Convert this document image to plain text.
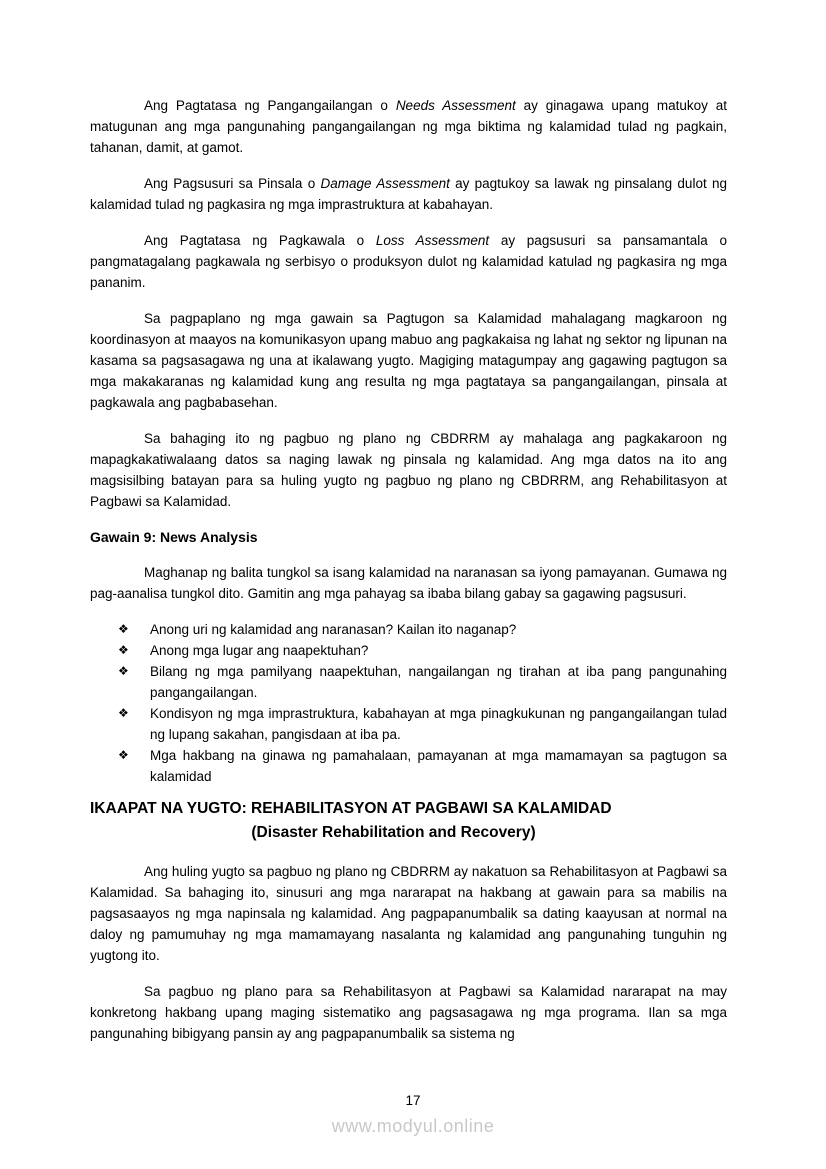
Ang Pagtatasa ng Pangangailangan o Needs Assessment ay ginagawa upang matukoy at matugunan ang mga pangunahing pangangailangan ng mga biktima ng kalamidad tulad ng pagkain, tahanan, damit, at gamot.

Ang Pagsusuri sa Pinsala o Damage Assessment ay pagtukoy sa lawak ng pinsalang dulot ng kalamidad tulad ng pagkasira ng mga imprastruktura at kabahayan.

Ang Pagtatasa ng Pagkawala o Loss Assessment ay pagsusuri sa pansamantala o pangmatagalang pagkawala ng serbisyo o produksyon dulot ng kalamidad katulad ng pagkasira ng mga pananim.

Sa pagpaplano ng mga gawain sa Pagtugon sa Kalamidad mahalagang magkaroon ng koordinasyon at maayos na komunikasyon upang mabuo ang pagkakaisa ng lahat ng sektor ng lipunan na kasama sa pagsasagawa ng una at ikalawang yugto. Magiging matagumpay ang gagawing pagtugon sa mga makakaranas ng kalamidad kung ang resulta ng mga pagtataya sa pangangailangan, pinsala at pagkawala ang pagbabasehan.

Sa bahaging ito ng pagbuo ng plano ng CBDRRM ay mahalaga ang pagkakaroon ng mapagkakatiwalaang datos sa naging lawak ng pinsala ng kalamidad. Ang mga datos na ito ang magsisilbing batayan para sa huling yugto ng pagbuo ng plano ng CBDRRM, ang Rehabilitasyon at Pagbawi sa Kalamidad.

Gawain 9: News Analysis

Maghanap ng balita tungkol sa isang kalamidad na naranasan sa iyong pamayanan. Gumawa ng pag-aanalisa tungkol dito. Gamitin ang mga pahayag sa ibaba bilang gabay sa gagawing pagsusuri.

❖	Anong uri ng kalamidad ang naranasan? Kailan ito naganap?
❖	Anong mga lugar ang naapektuhan?
❖	Bilang ng mga pamilyang naapektuhan, nangailangan ng tirahan at iba pang pangunahing pangangailangan.
❖	Kondisyon ng mga imprastruktura, kabahayan at mga pinagkukunan ng pangangailangan tulad ng lupang sakahan, pangisdaan at iba pa.
❖	Mga hakbang na ginawa ng pamahalaan, pamayanan at mga mamamayan sa pagtugon sa kalamidad
IKAAPAT NA YUGTO: REHABILITASYON AT PAGBAWI SA KALAMIDAD
(Disaster Rehabilitation and Recovery)

Ang huling yugto sa pagbuo ng plano ng CBDRRM ay nakatuon sa Rehabilitasyon at Pagbawi sa Kalamidad. Sa bahaging ito, sinusuri ang mga nararapat na hakbang at gawain para sa mabilis na pagsasaayos ng mga napinsala ng kalamidad. Ang pagpapanumbalik sa dating kaayusan at normal na daloy ng pamumuhay ng mga mamamayang nasalanta ng kalamidad ang pangunahing tunguhin ng yugtong ito.

Sa pagbuo ng plano para sa Rehabilitasyon at Pagbawi sa Kalamidad nararapat na may konkretong hakbang upang maging sistematiko ang pagsasagawa ng mga programa. Ilan sa mga pangunahing bibigyang pansin ay ang pagpapanumbalik sa sistema ng

17
www.modyul.online
